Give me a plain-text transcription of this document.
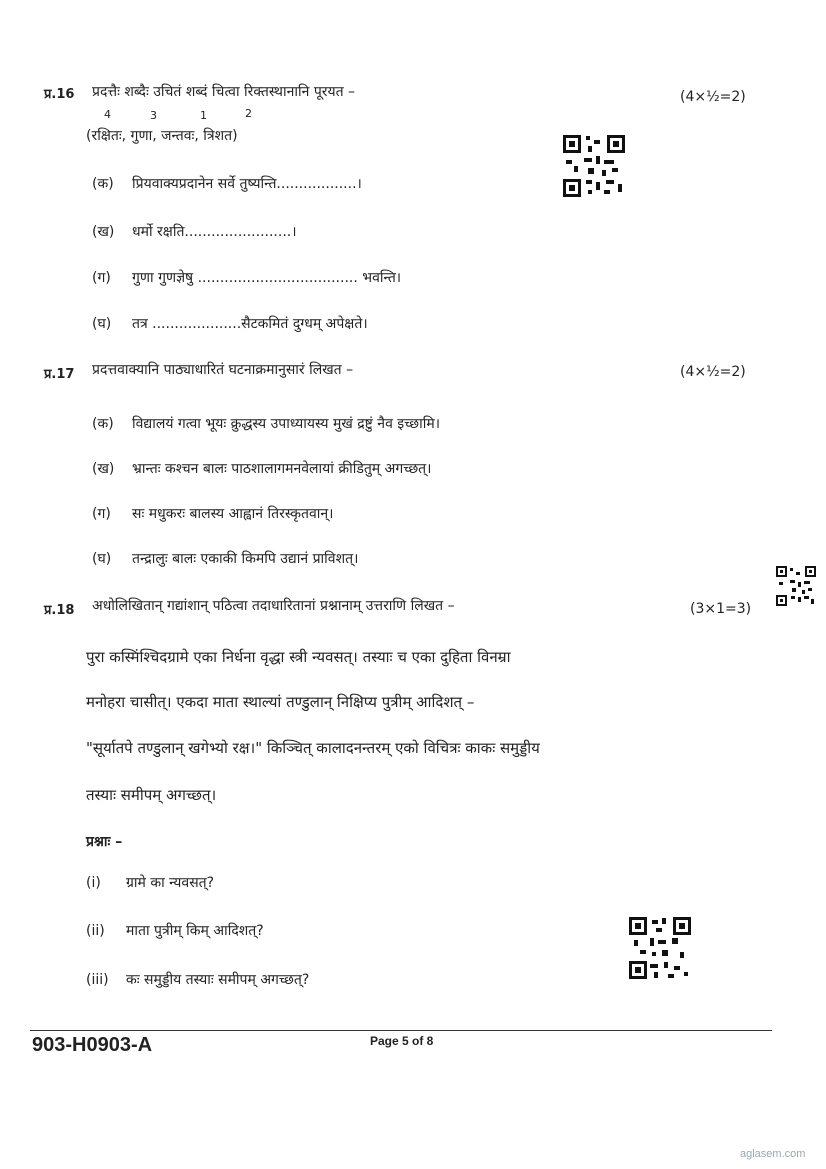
प्र.16 प्रदत्तैः शब्दैः उचितं शब्दं चित्वा रिक्तस्थानानि पूरयत –	(4×½=2)
4	3	1	2
(रक्षितः, गुणा, जन्तवः, त्रिशत)
(क) प्रियवाक्यप्रदानेन सर्वे तुष्यन्ति..................।
(ख) धर्मो रक्षति........................।
(ग) गुणा गुणज्ञेषु .................................... भवन्ति।
(घ) तत्र ....................सैटकमितं दुग्धम् अपेक्षते।
प्र.17 प्रदत्तवाक्यानि पाठ्याधारितं घटनाक्रमानुसारं लिखत –	(4×½=2)
(क) विद्यालयं गत्वा भूयः क्रुद्धस्य उपाध्यायस्य मुखं द्रष्टुं नैव इच्छामि।
(ख) भ्रान्तः कश्चन बालः पाठशालागमनवेलायां क्रीडितुम् अगच्छत्।
(ग) सः मधुकरः बालस्य आह्वानं तिरस्कृतवान्।
(घ) तन्द्रालुः बालः एकाकी किमपि उद्यानं प्राविशत्।
प्र.18 अधोलिखितान् गद्यांशान् पठित्वा तदाधारितानां प्रश्नानाम् उत्तराणि लिखत –	(3×1=3)
पुरा कस्मिंश्चिदग्रामे एका निर्धना वृद्धा स्त्री न्यवसत्। तस्याः च एका दुहिता विनम्रा
मनोहरा चासीत्। एकदा माता स्थाल्यां तण्डुलान् निक्षिप्य पुत्रीम् आदिशत् –
"सूर्यातपे तण्डुलान् खगेभ्यो रक्ष।" किञ्चित् कालादनन्तरम् एको विचित्रः काकः समुड्डीय
तस्याः समीपम् अगच्छत्।
प्रश्नाः –
(i) ग्रामे का न्यवसत्?
(ii) माता पुत्रीम् किम् आदिशत्?
(iii) कः समुड्डीय तस्याः समीपम् अगच्छत्?
903-H0903-A	Page 5 of 8
aglasem.com
